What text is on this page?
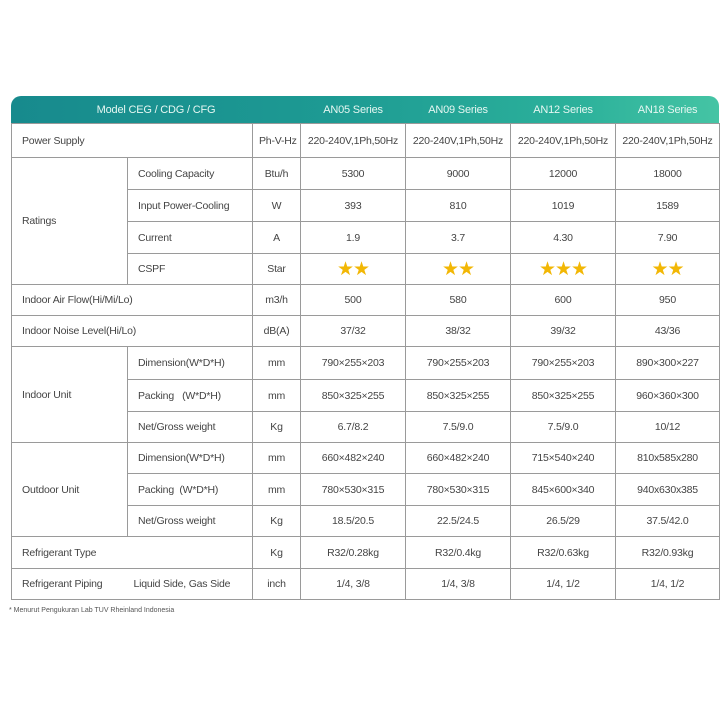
Model CEG / CDG / CFG			AN05 Series	AN09 Series	AN12 Series	AN18 Series
Power Supply		Ph-V-Hz	220-240V,1Ph,50Hz	220-240V,1Ph,50Hz	220-240V,1Ph,50Hz	220-240V,1Ph,50Hz
Ratings	Cooling Capacity	Btu/h	5300	9000	12000	18000
	Input Power-Cooling	W	393	810	1019	1589
	Current	A	1.9	3.7	4.30	7.90
	CSPF	Star	★★	★★	★★★	★★
Indoor Air Flow(Hi/Mi/Lo)		m3/h	500	580	600	950
Indoor Noise Level(Hi/Lo)		dB(A)	37/32	38/32	39/32	43/36
Indoor Unit	Dimension(W*D*H)	mm	790×255×203	790×255×203	790×255×203	890×300×227
	Packing   (W*D*H)	mm	850×325×255	850×325×255	850×325×255	960×360×300
	Net/Gross weight	Kg	6.7/8.2	7.5/9.0	7.5/9.0	10/12
Outdoor Unit	Dimension(W*D*H)	mm	660×482×240	660×482×240	715×540×240	810x585x280
	Packing  (W*D*H)	mm	780×530×315	780×530×315	845×600×340	940x630x385
	Net/Gross weight	Kg	18.5/20.5	22.5/24.5	26.5/29	37.5/42.0
Refrigerant Type		Kg	R32/0.28kg	R32/0.4kg	R32/0.63kg	R32/0.93kg
Refrigerant Piping	Liquid Side, Gas Side	inch	1/4, 3/8	1/4, 3/8	1/4, 1/2	1/4, 1/2
* Menurut Pengukuran Lab TUV Rheinland Indonesia
